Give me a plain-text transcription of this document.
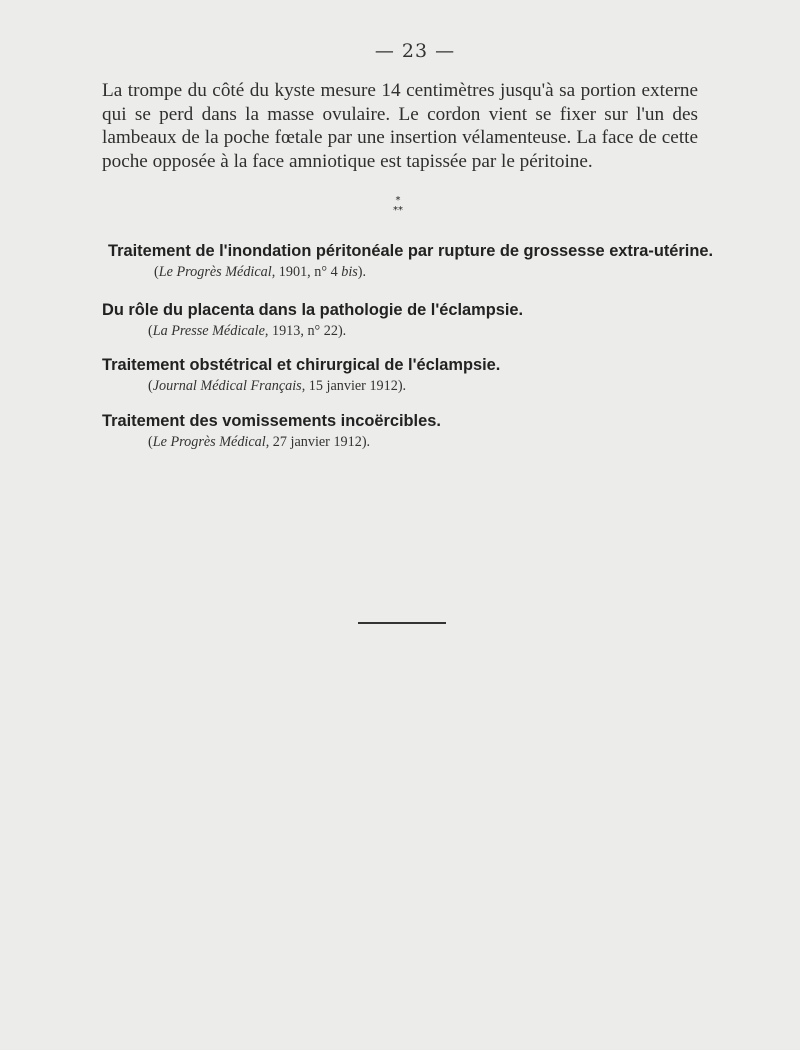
— 23 —

La trompe du côté du kyste mesure 14 centimètres jusqu'à sa portion externe qui se perd dans la masse ovulaire. Le cordon vient se fixer sur l'un des lambeaux de la poche fœtale par une insertion vélamenteuse. La face de cette poche opposée à la face amniotique est tapissée par le péritoine.

*
**
Traitement de l'inondation péritonéale par rupture de grossesse extra-utérine.
(Le Progrès Médical, 1901, n° 4 bis).
Du rôle du placenta dans la pathologie de l'éclampsie.
(La Presse Médicale, 1913, n° 22).
Traitement obstétrical et chirurgical de l'éclampsie.
(Journal Médical Français, 15 janvier 1912).
Traitement des vomissements incoërcibles.
(Le Progrès Médical, 27 janvier 1912).
